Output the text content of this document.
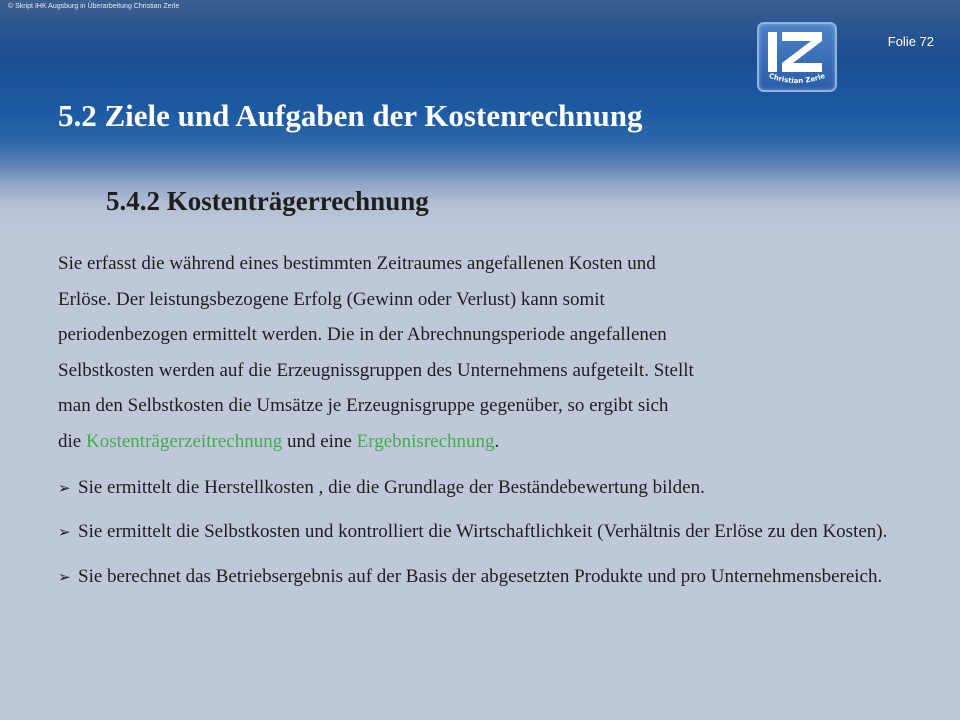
© Skript IHK Augsburg in Überarbeitung Christian Zerle
Folie 72
Christian Zerle
5.2 Ziele und Aufgaben der Kostenrechnung
5.4.2 Kostenträgerrechnung

Sie erfasst die während eines bestimmten Zeitraumes angefallenen Kosten und
Erlöse. Der leistungsbezogene Erfolg (Gewinn oder Verlust) kann somit
periodenbezogen ermittelt werden. Die in der Abrechnungsperiode angefallenen
Selbstkosten werden auf die Erzeugnissgruppen des Unternehmens aufgeteilt. Stellt
man den Selbstkosten die Umsätze je Erzeugnisgruppe gegenüber, so ergibt sich
die Kostenträgerzeitrechnung und eine Ergebnisrechnung.

➢ Sie ermittelt die Herstellkosten , die die Grundlage der Beständebewertung bilden.

➢ Sie ermittelt die Selbstkosten und kontrolliert die Wirtschaftlichkeit (Verhältnis der Erlöse zu den Kosten).

➢ Sie berechnet das Betriebsergebnis auf der Basis der abgesetzten Produkte und pro Unternehmensbereich.
